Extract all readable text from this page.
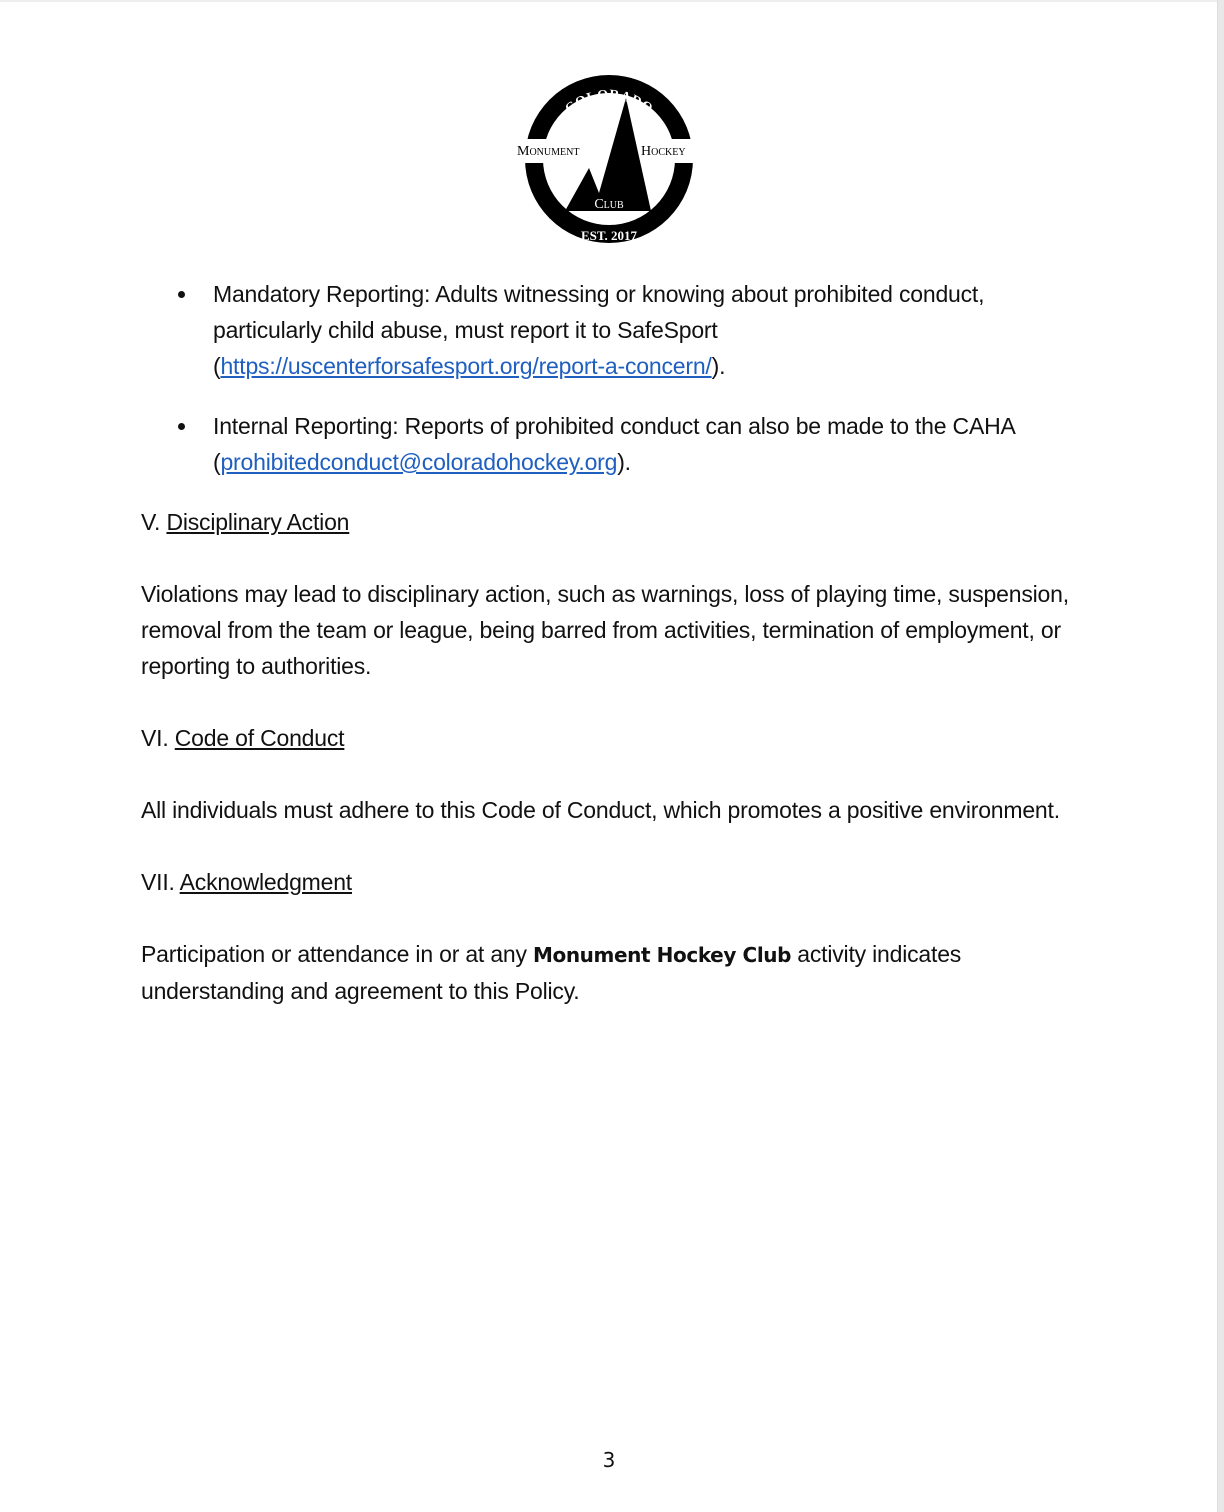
COLORADO
Monument	Hockey
Club
EST. 2017
Mandatory Reporting: Adults witnessing or knowing about prohibited conduct, particularly child abuse, must report it to SafeSport (https://uscenterforsafesport.org/report-a-concern/).
Internal Reporting: Reports of prohibited conduct can also be made to the CAHA (prohibitedconduct@coloradohockey.org).
V. Disciplinary Action

Violations may lead to disciplinary action, such as warnings, loss of playing time, suspension, removal from the team or league, being barred from activities, termination of employment, or reporting to authorities.

VI. Code of Conduct

All individuals must adhere to this Code of Conduct, which promotes a positive environment.

VII. Acknowledgment

Participation or attendance in or at any Monument Hockey Club activity indicates understanding and agreement to this Policy.

3
